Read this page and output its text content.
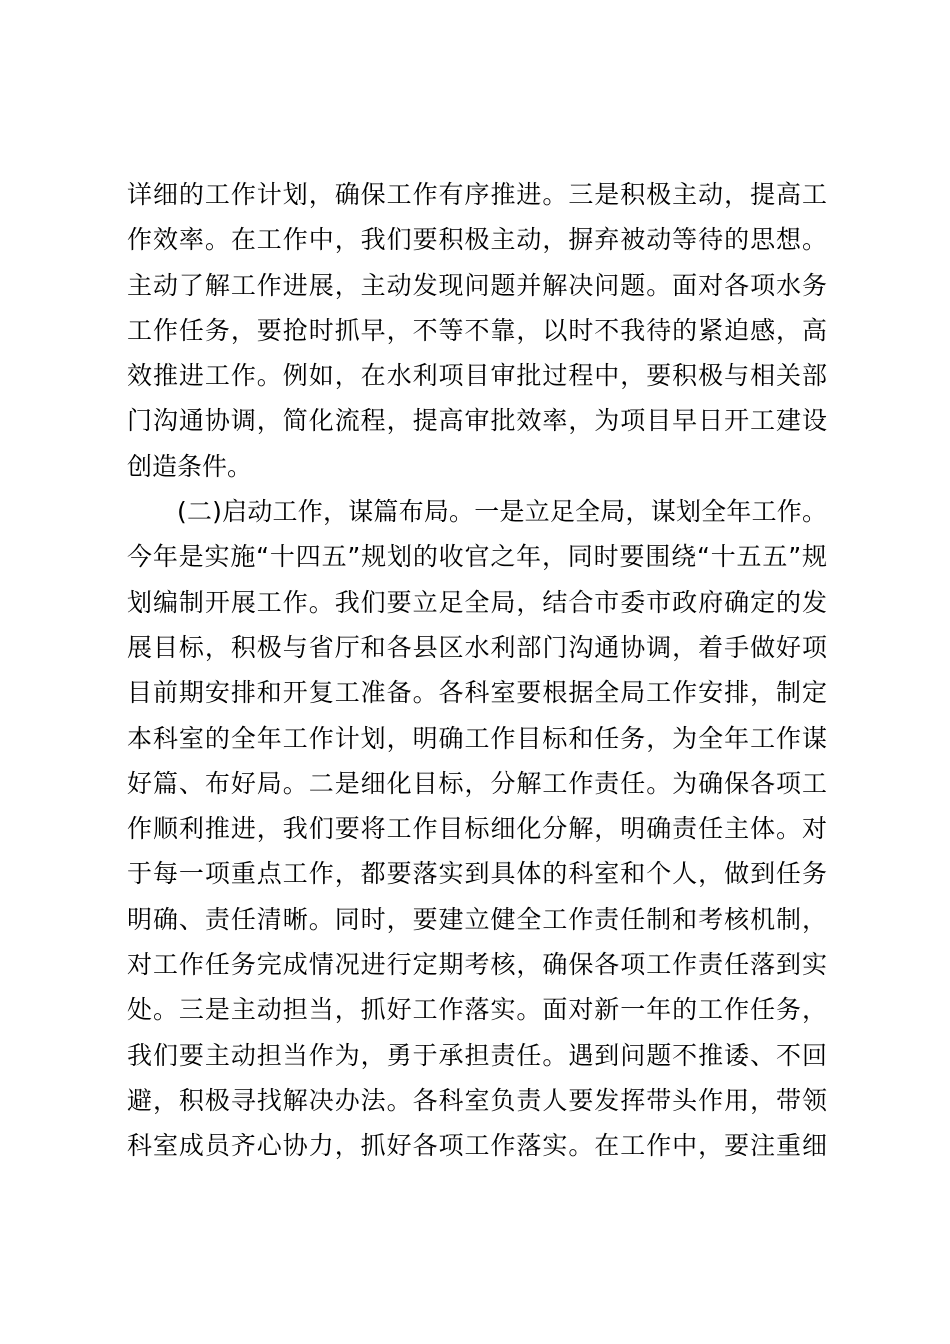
详细的工作计划，确保工作有序推进。三是积极主动，提高工
作效率。在工作中，我们要积极主动，摒弃被动等待的思想。
主动了解工作进展，主动发现问题并解决问题。面对各项水务
工作任务，要抢时抓早，不等不靠，以时不我待的紧迫感，高
效推进工作。例如，在水利项目审批过程中，要积极与相关部
门沟通协调，简化流程，提高审批效率，为项目早日开工建设
创造条件。
(二)启动工作，谋篇布局。一是立足全局，谋划全年工作。
今年是实施“十四五”规划的收官之年，同时要围绕“十五五”规
划编制开展工作。我们要立足全局，结合市委市政府确定的发
展目标，积极与省厅和各县区水利部门沟通协调，着手做好项
目前期安排和开复工准备。各科室要根据全局工作安排，制定
本科室的全年工作计划，明确工作目标和任务，为全年工作谋
好篇、布好局。二是细化目标，分解工作责任。为确保各项工
作顺利推进，我们要将工作目标细化分解，明确责任主体。对
于每一项重点工作，都要落实到具体的科室和个人，做到任务
明确、责任清晰。同时，要建立健全工作责任制和考核机制，
对工作任务完成情况进行定期考核，确保各项工作责任落到实
处。三是主动担当，抓好工作落实。面对新一年的工作任务，
我们要主动担当作为，勇于承担责任。遇到问题不推诿、不回
避，积极寻找解决办法。各科室负责人要发挥带头作用，带领
科室成员齐心协力，抓好各项工作落实。在工作中，要注重细
